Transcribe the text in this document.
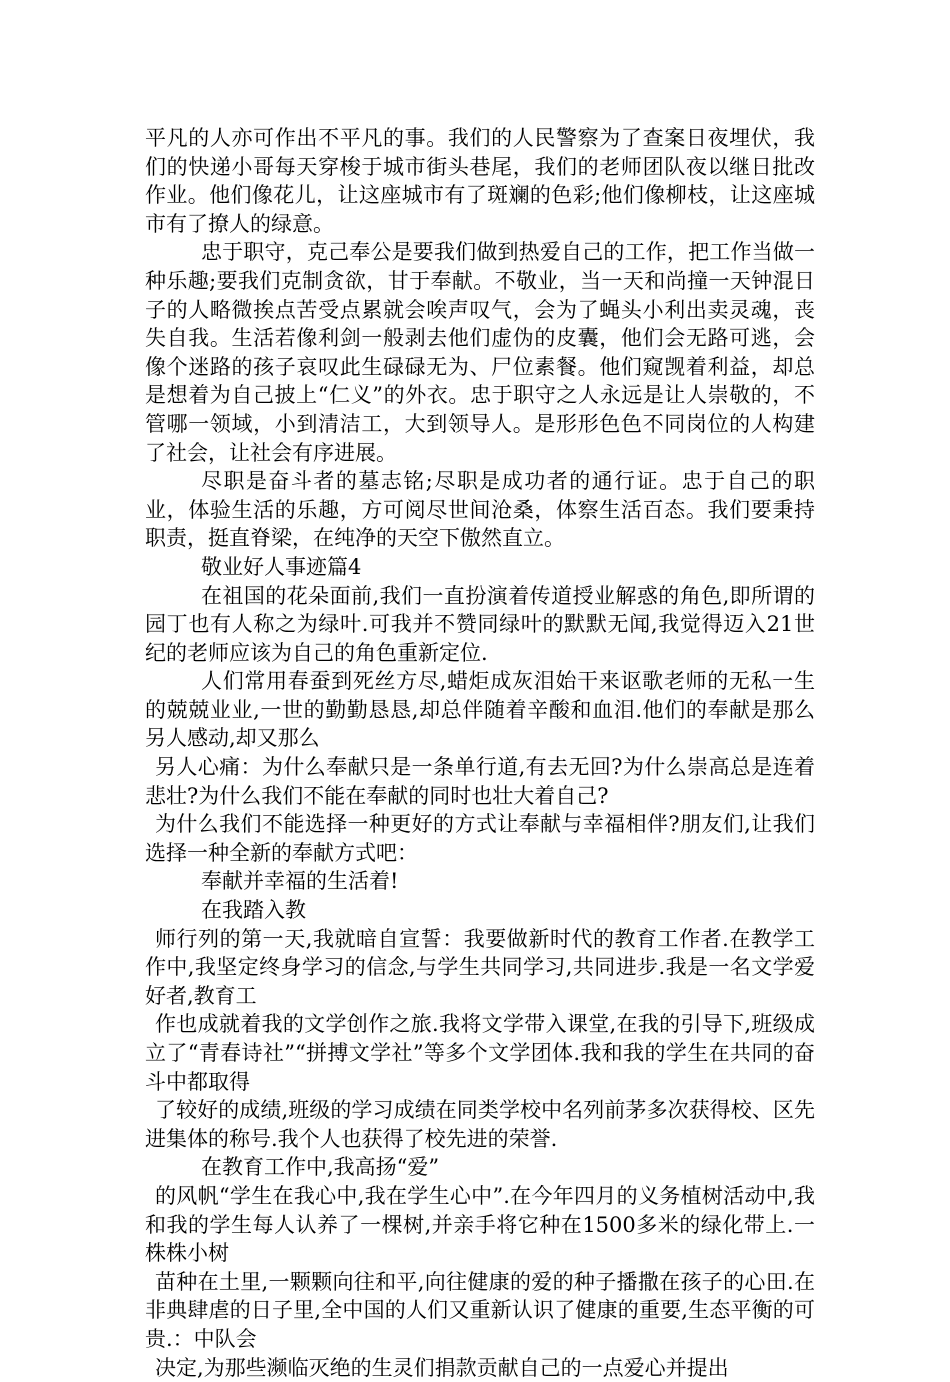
平凡的人亦可作出不平凡的事。我们的人民警察为了查案日夜埋伏，我们的快递小哥每天穿梭于城市街头巷尾，我们的老师团队夜以继日批改作业。他们像花儿，让这座城市有了斑斓的色彩;他们像柳枝，让这座城市有了撩人的绿意。

忠于职守，克己奉公是要我们做到热爱自己的工作，把工作当做一种乐趣;要我们克制贪欲，甘于奉献。不敬业，当一天和尚撞一天钟混日子的人略微挨点苦受点累就会唉声叹气，会为了蝇头小利出卖灵魂，丧失自我。生活若像利剑一般剥去他们虚伪的皮囊，他们会无路可逃，会像个迷路的孩子哀叹此生碌碌无为、尸位素餐。他们窥觊着利益，却总是想着为自己披上“仁义”的外衣。忠于职守之人永远是让人崇敬的，不管哪一领域，小到清洁工，大到领导人。是形形色色不同岗位的人构建了社会，让社会有序进展。

尽职是奋斗者的墓志铭;尽职是成功者的通行证。忠于自己的职业，体验生活的乐趣，方可阅尽世间沧桑，体察生活百态。我们要秉持职责，挺直脊梁，在纯净的天空下傲然直立。

敬业好人事迹篇4

在祖国的花朵面前,我们一直扮演着传道授业解惑的角色,即所谓的园丁也有人称之为绿叶.可我并不赞同绿叶的默默无闻,我觉得迈入21世纪的老师应该为自己的角色重新定位.

人们常用春蚕到死丝方尽,蜡炬成灰泪始干来讴歌老师的无私一生的兢兢业业,一世的勤勤恳恳,却总伴随着辛酸和血泪.他们的奉献是那么另人感动,却又那么

另人心痛：为什么奉献只是一条单行道,有去无回?为什么崇高总是连着悲壮?为什么我们不能在奉献的同时也壮大着自己?

为什么我们不能选择一种更好的方式让奉献与幸福相伴?朋友们,让我们选择一种全新的奉献方式吧：

奉献并幸福的生活着!

在我踏入教

师行列的第一天,我就暗自宣誓：我要做新时代的教育工作者.在教学工作中,我坚定终身学习的信念,与学生共同学习,共同进步.我是一名文学爱好者,教育工

作也成就着我的文学创作之旅.我将文学带入课堂,在我的引导下,班级成立了“青春诗社”“拼搏文学社”等多个文学团体.我和我的学生在共同的奋斗中都取得

了较好的成绩,班级的学习成绩在同类学校中名列前茅多次获得校、区先进集体的称号.我个人也获得了校先进的荣誉.

在教育工作中,我高扬“爱”

的风帆“学生在我心中,我在学生心中”.在今年四月的义务植树活动中,我和我的学生每人认养了一棵树,并亲手将它种在1500多米的绿化带上.一株株小树

苗种在土里,一颗颗向往和平,向往健康的爱的种子播撒在孩子的心田.在非典肆虐的日子里,全中国的人们又重新认识了健康的重要,生态平衡的可贵.：中队会

决定,为那些濒临灭绝的生灵们捐款贡献自己的一点爱心并提出
